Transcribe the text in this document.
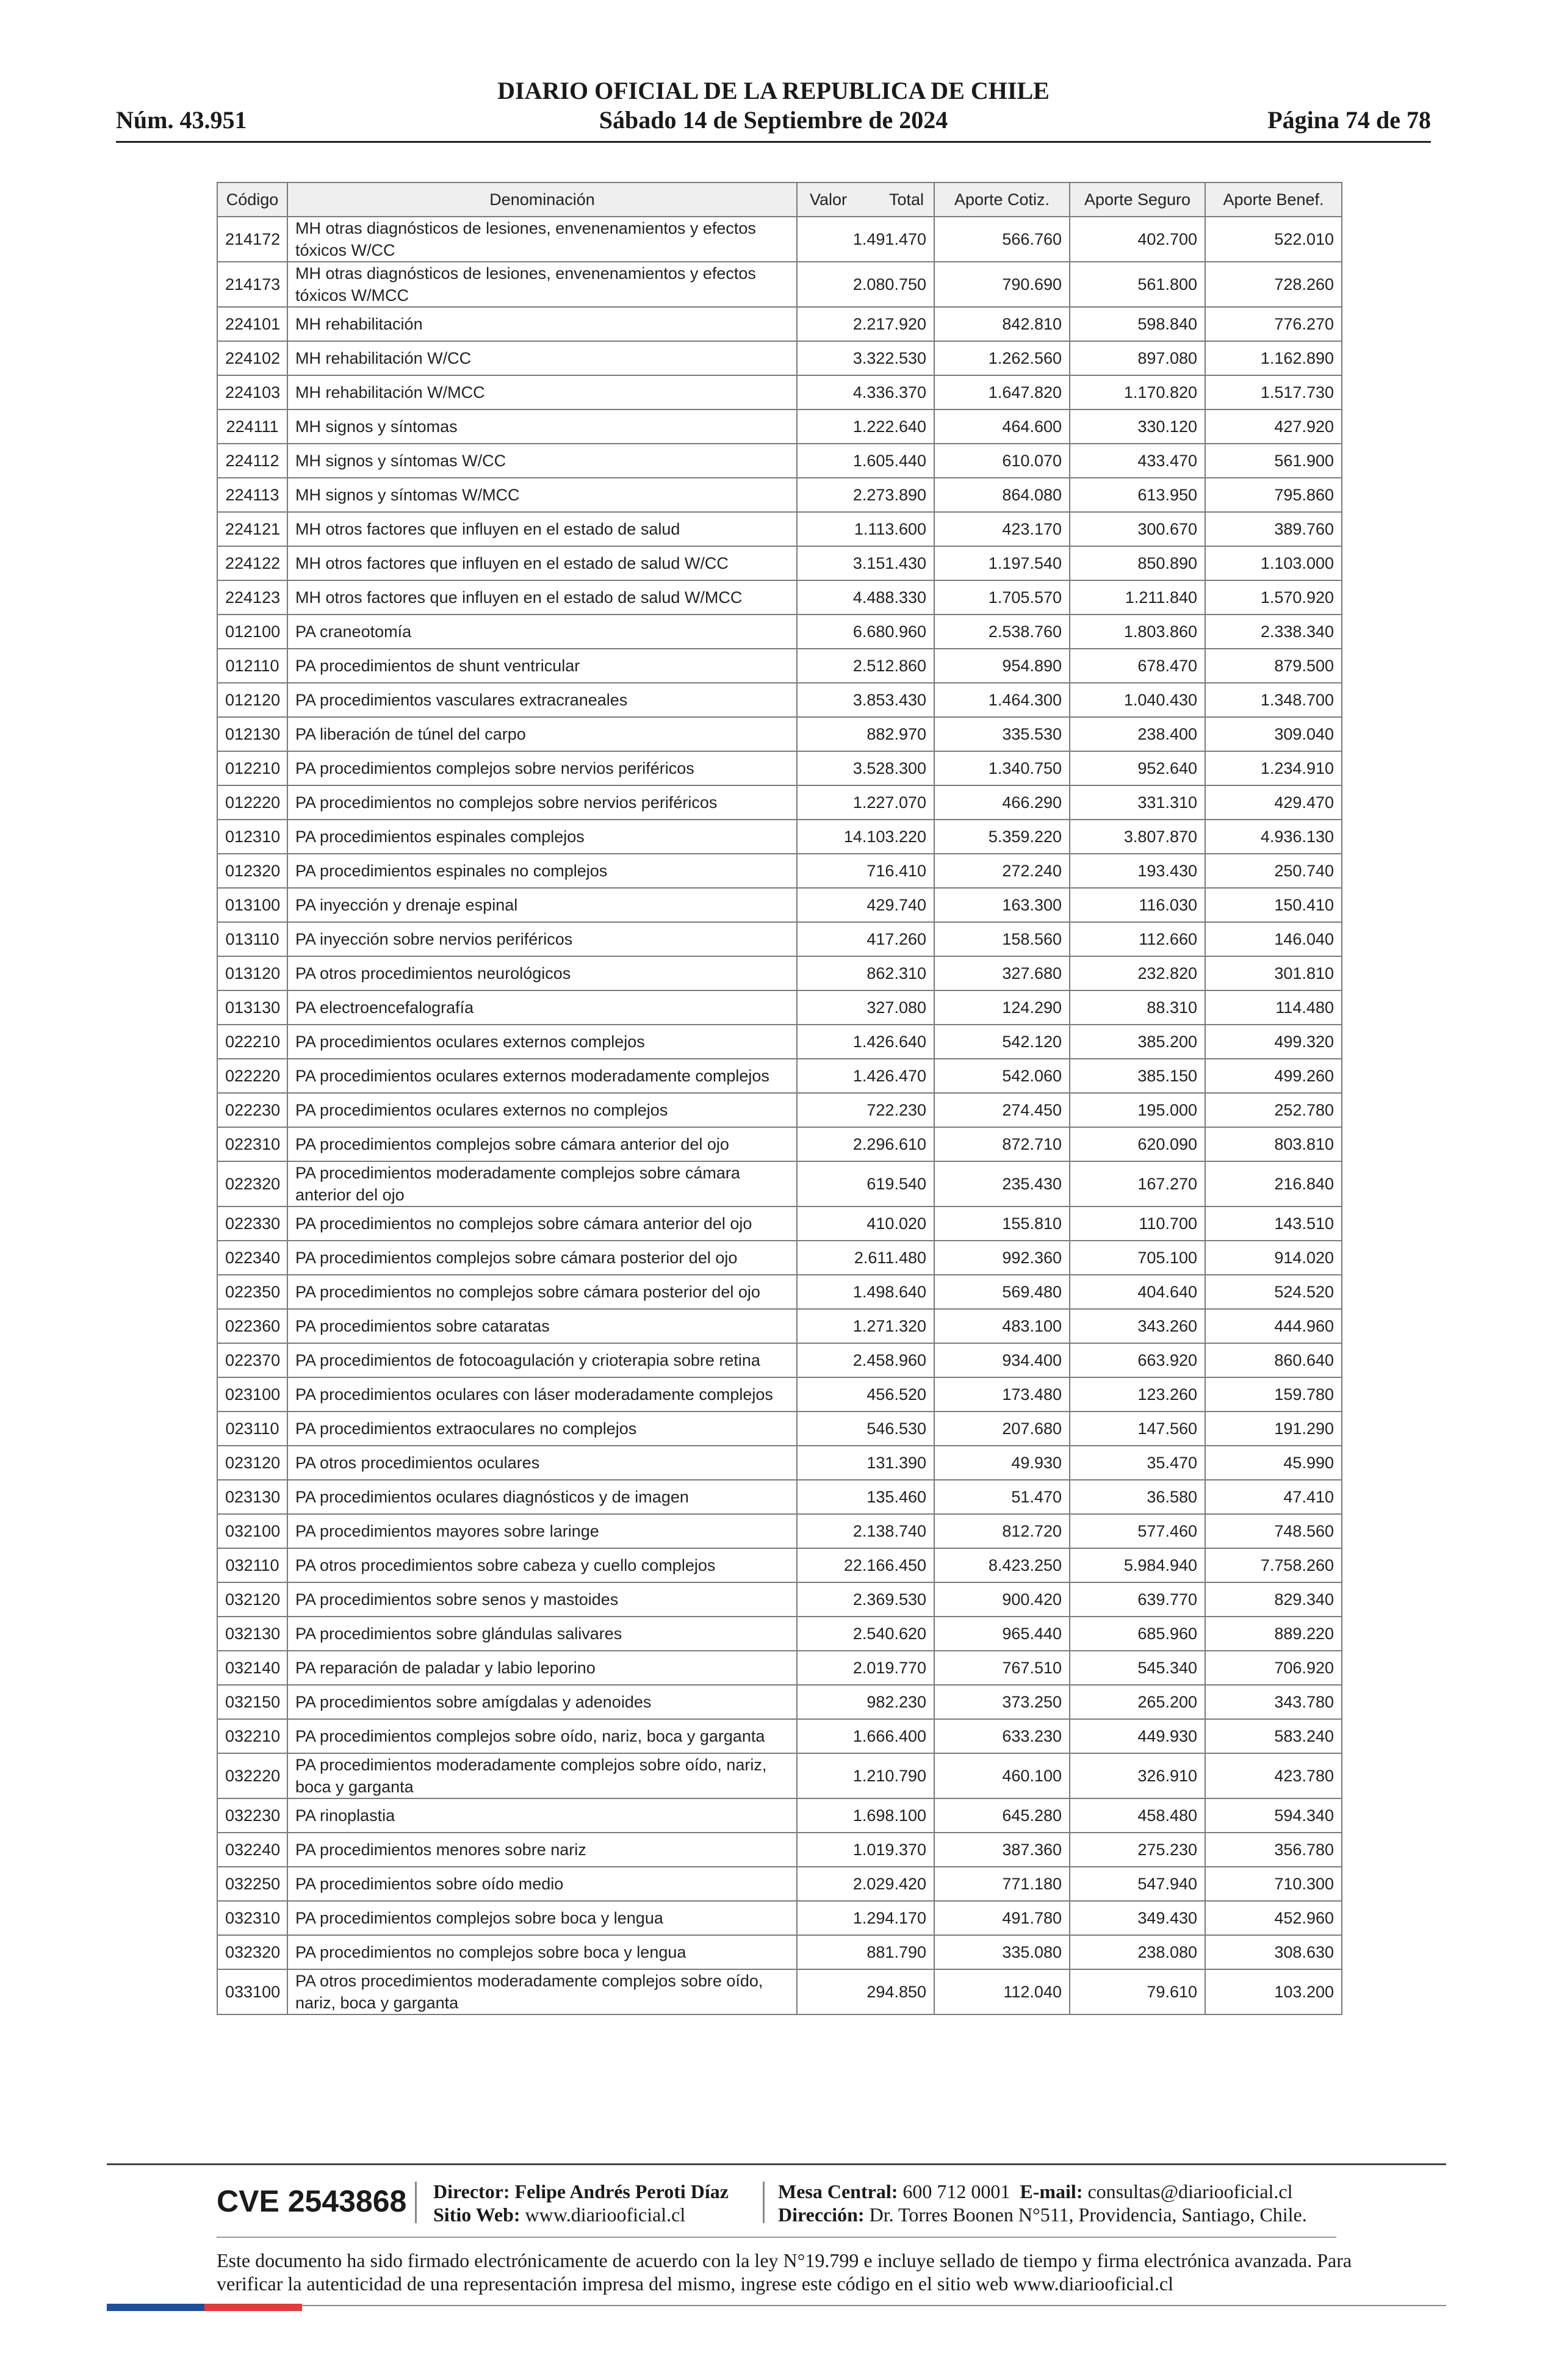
DIARIO OFICIAL DE LA REPUBLICA DE CHILE
Sábado 14 de Septiembre de 2024
Núm. 43.951	Página 74 de 78
Código	Denominación	Valor Total	Aporte Cotiz.	Aporte Seguro	Aporte Benef.
214172	MH otras diagnósticos de lesiones, envenenamientos y efectos tóxicos W/CC	1.491.470	566.760	402.700	522.010
214173	MH otras diagnósticos de lesiones, envenenamientos y efectos tóxicos W/MCC	2.080.750	790.690	561.800	728.260
224101	MH rehabilitación	2.217.920	842.810	598.840	776.270
224102	MH rehabilitación W/CC	3.322.530	1.262.560	897.080	1.162.890
224103	MH rehabilitación W/MCC	4.336.370	1.647.820	1.170.820	1.517.730
224111	MH signos y síntomas	1.222.640	464.600	330.120	427.920
224112	MH signos y síntomas W/CC	1.605.440	610.070	433.470	561.900
224113	MH signos y síntomas W/MCC	2.273.890	864.080	613.950	795.860
224121	MH otros factores que influyen en el estado de salud	1.113.600	423.170	300.670	389.760
224122	MH otros factores que influyen en el estado de salud W/CC	3.151.430	1.197.540	850.890	1.103.000
224123	MH otros factores que influyen en el estado de salud W/MCC	4.488.330	1.705.570	1.211.840	1.570.920
012100	PA craneotomía	6.680.960	2.538.760	1.803.860	2.338.340
012110	PA procedimientos de shunt ventricular	2.512.860	954.890	678.470	879.500
012120	PA procedimientos vasculares extracraneales	3.853.430	1.464.300	1.040.430	1.348.700
012130	PA liberación de túnel del carpo	882.970	335.530	238.400	309.040
012210	PA procedimientos complejos sobre nervios periféricos	3.528.300	1.340.750	952.640	1.234.910
012220	PA procedimientos no complejos sobre nervios periféricos	1.227.070	466.290	331.310	429.470
012310	PA procedimientos espinales complejos	14.103.220	5.359.220	3.807.870	4.936.130
012320	PA procedimientos espinales no complejos	716.410	272.240	193.430	250.740
013100	PA inyección y drenaje espinal	429.740	163.300	116.030	150.410
013110	PA inyección sobre nervios periféricos	417.260	158.560	112.660	146.040
013120	PA otros procedimientos neurológicos	862.310	327.680	232.820	301.810
013130	PA electroencefalografía	327.080	124.290	88.310	114.480
022210	PA procedimientos oculares externos complejos	1.426.640	542.120	385.200	499.320
022220	PA procedimientos oculares externos moderadamente complejos	1.426.470	542.060	385.150	499.260
022230	PA procedimientos oculares externos no complejos	722.230	274.450	195.000	252.780
022310	PA procedimientos complejos sobre cámara anterior del ojo	2.296.610	872.710	620.090	803.810
022320	PA procedimientos moderadamente complejos sobre cámara anterior del ojo	619.540	235.430	167.270	216.840
022330	PA procedimientos no complejos sobre cámara anterior del ojo	410.020	155.810	110.700	143.510
022340	PA procedimientos complejos sobre cámara posterior del ojo	2.611.480	992.360	705.100	914.020
022350	PA procedimientos no complejos sobre cámara posterior del ojo	1.498.640	569.480	404.640	524.520
022360	PA procedimientos sobre cataratas	1.271.320	483.100	343.260	444.960
022370	PA procedimientos de fotocoagulación y crioterapia sobre retina	2.458.960	934.400	663.920	860.640
023100	PA procedimientos oculares con láser moderadamente complejos	456.520	173.480	123.260	159.780
023110	PA procedimientos extraoculares no complejos	546.530	207.680	147.560	191.290
023120	PA otros procedimientos oculares	131.390	49.930	35.470	45.990
023130	PA procedimientos oculares diagnósticos y de imagen	135.460	51.470	36.580	47.410
032100	PA procedimientos mayores sobre laringe	2.138.740	812.720	577.460	748.560
032110	PA otros procedimientos sobre cabeza y cuello complejos	22.166.450	8.423.250	5.984.940	7.758.260
032120	PA procedimientos sobre senos y mastoides	2.369.530	900.420	639.770	829.340
032130	PA procedimientos sobre glándulas salivares	2.540.620	965.440	685.960	889.220
032140	PA reparación de paladar y labio leporino	2.019.770	767.510	545.340	706.920
032150	PA procedimientos sobre amígdalas y adenoides	982.230	373.250	265.200	343.780
032210	PA procedimientos complejos sobre oído, nariz, boca y garganta	1.666.400	633.230	449.930	583.240
032220	PA procedimientos moderadamente complejos sobre oído, nariz, boca y garganta	1.210.790	460.100	326.910	423.780
032230	PA rinoplastia	1.698.100	645.280	458.480	594.340
032240	PA procedimientos menores sobre nariz	1.019.370	387.360	275.230	356.780
032250	PA procedimientos sobre oído medio	2.029.420	771.180	547.940	710.300
032310	PA procedimientos complejos sobre boca y lengua	1.294.170	491.780	349.430	452.960
032320	PA procedimientos no complejos sobre boca y lengua	881.790	335.080	238.080	308.630
033100	PA otros procedimientos moderadamente complejos sobre oído, nariz, boca y garganta	294.850	112.040	79.610	103.200
CVE 2543868 Director: Felipe Andrés Peroti Díaz
Sitio Web: www.diariooficial.cl
Mesa Central: 600 712 0001 E-mail: consultas@diariooficial.cl
Dirección: Dr. Torres Boonen N°511, Providencia, Santiago, Chile.
Este documento ha sido firmado electrónicamente de acuerdo con la ley N°19.799 e incluye sellado de tiempo y firma electrónica avanzada. Para verificar la autenticidad de una representación impresa del mismo, ingrese este código en el sitio web www.diariooficial.cl
